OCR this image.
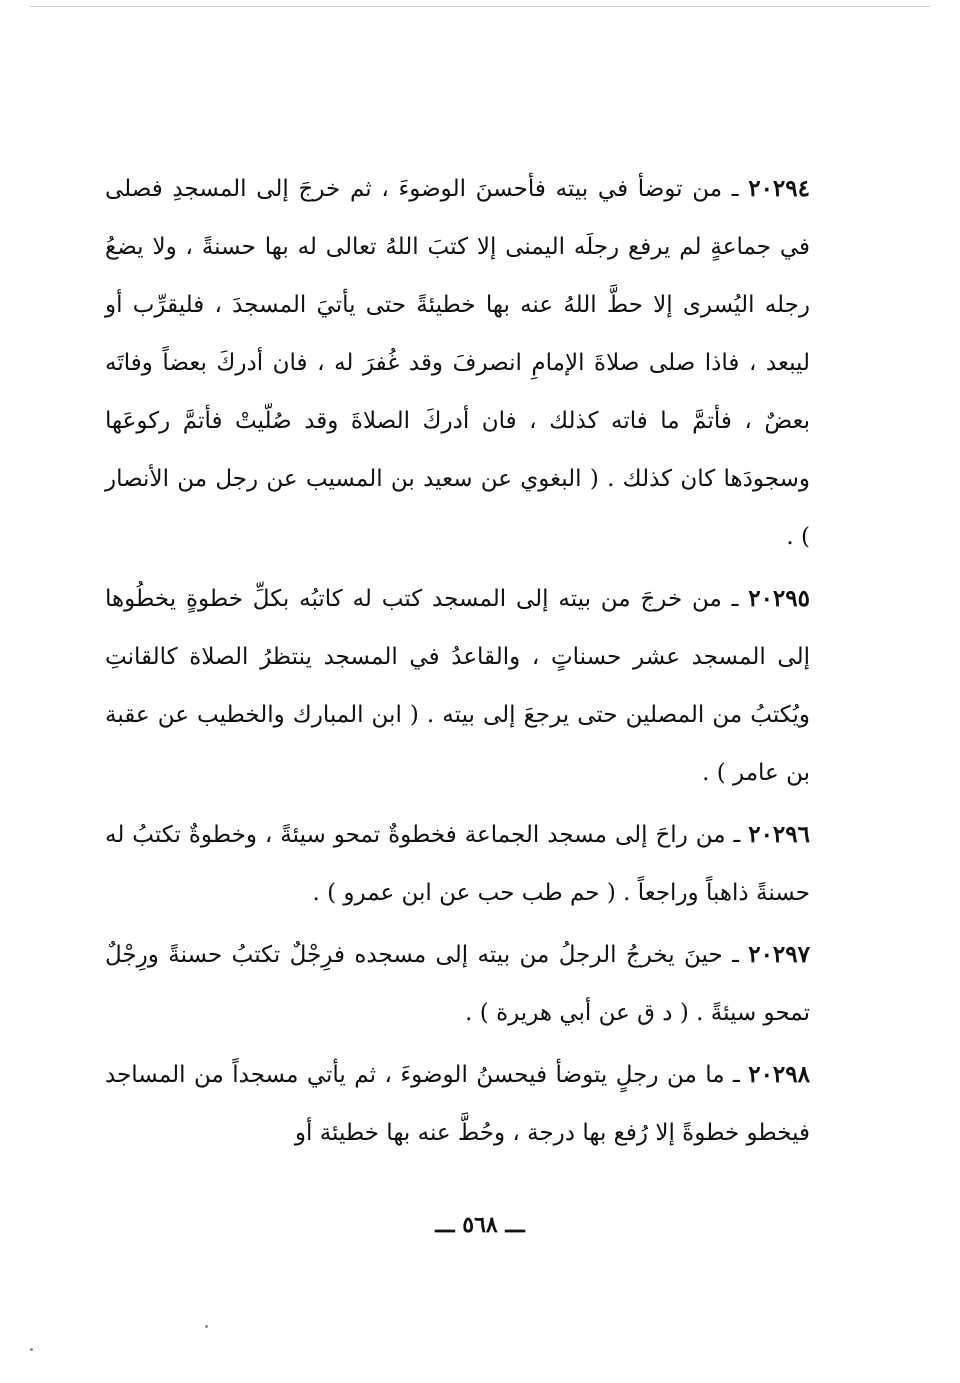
٢٠٢٩٤ ـ من توضأ في بيته فأحسنَ الوضوءَ ، ثم خرجَ إلى المسجدِ فصلى في جماعةٍ لم يرفع رجلَه اليمنى إلا كتبَ اللهُ تعالى له بها حسنةً ، ولا يضعُ رجله اليُسرى إلا حطَّ اللهُ عنه بها خطيئةً حتى يأتيَ المسجدَ ، فليقرِّب أو ليبعد ، فاذا صلى صلاةَ الإمامِ انصرفَ وقد غُفرَ له ، فان أدركَ بعضاً وفاتَه بعضٌ ، فأتمَّ ما فاته كذلك ، فان أدركَ الصلاةَ وقد صُلّيتْ فأتمَّ ركوعَها وسجودَها كان كذلك . ( البغوي عن سعيد بن المسيب عن رجل من الأنصار ) .

٢٠٢٩٥ ـ من خرجَ من بيته إلى المسجد كتب له كاتبُه بكلِّ خطوةٍ يخطُوها إلى المسجد عشر حسناتٍ ، والقاعدُ في المسجد ينتظرُ الصلاة كالقانتِ ويُكتبُ من المصلين حتى يرجعَ إلى بيته . ( ابن المبارك والخطيب عن عقبة بن عامر ) .

٢٠٢٩٦ ـ من راحَ إلى مسجد الجماعة فخطوةٌ تمحو سيئةً ، وخطوةٌ تكتبُ له حسنةً ذاهباً وراجعاً . ( حم طب حب عن ابن عمرو ) .

٢٠٢٩٧ ـ حينَ يخرجُ الرجلُ من بيته إلى مسجده فرِجْلٌ تكتبُ حسنةً ورِجْلٌ تمحو سيئةً . ( د ق عن أبي هريرة ) .

٢٠٢٩٨ ـ ما من رجلٍ يتوضأ فيحسنُ الوضوءَ ، ثم يأتي مسجداً من المساجد فيخطو خطوةً إلا رُفع بها درجة ، وحُطَّ عنه بها خطيئة أو

ـــ ٥٦٨ ـــ
